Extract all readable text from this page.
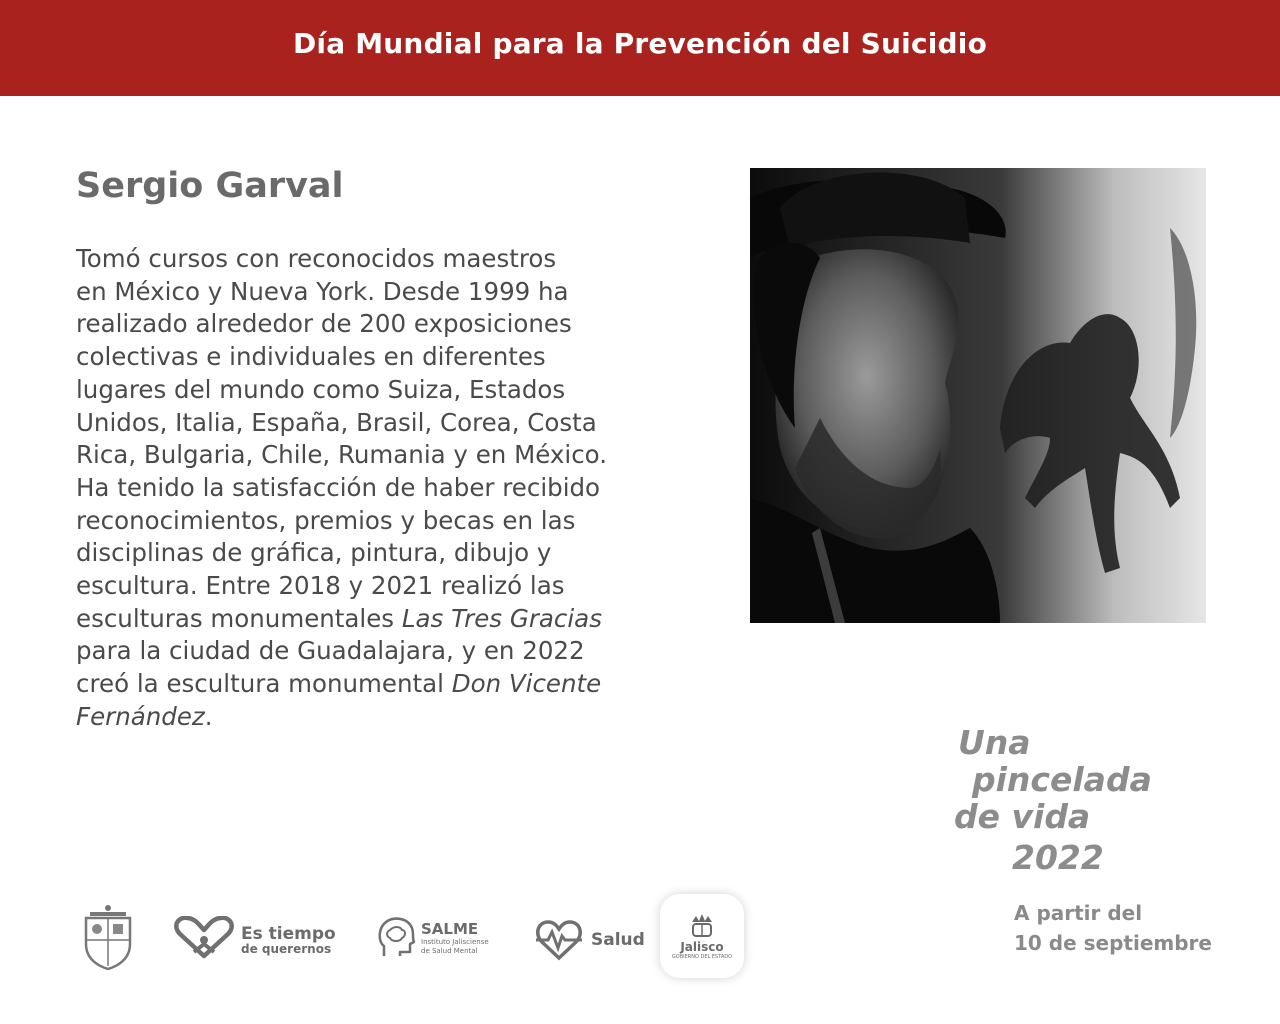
Día Mundial para la Prevención del Suicidio
Sergio Garval
Tomó cursos con reconocidos maestros
en México y Nueva York. Desde 1999 ha
realizado alrededor de 200 exposiciones
colectivas e individuales en diferentes
lugares del mundo como Suiza, Estados
Unidos, Italia, España, Brasil, Corea, Costa
Rica, Bulgaria, Chile, Rumania y en México.
Ha tenido la satisfacción de haber recibido
reconocimientos, premios y becas en las
disciplinas de gráfica, pintura, dibujo y
escultura. Entre 2018 y 2021 realizó las
esculturas monumentales Las Tres Gracias
para la ciudad de Guadalajara, y en 2022
creó la escultura monumental Don Vicente
Fernández.
Una
pincelada
de vida
2022
A partir del
10 de septiembre
Es tiempo
de querernos
SALME
Instituto Jalisciense
de Salud Mental
Salud	Jalisco
GOBIERNO DEL ESTADO
